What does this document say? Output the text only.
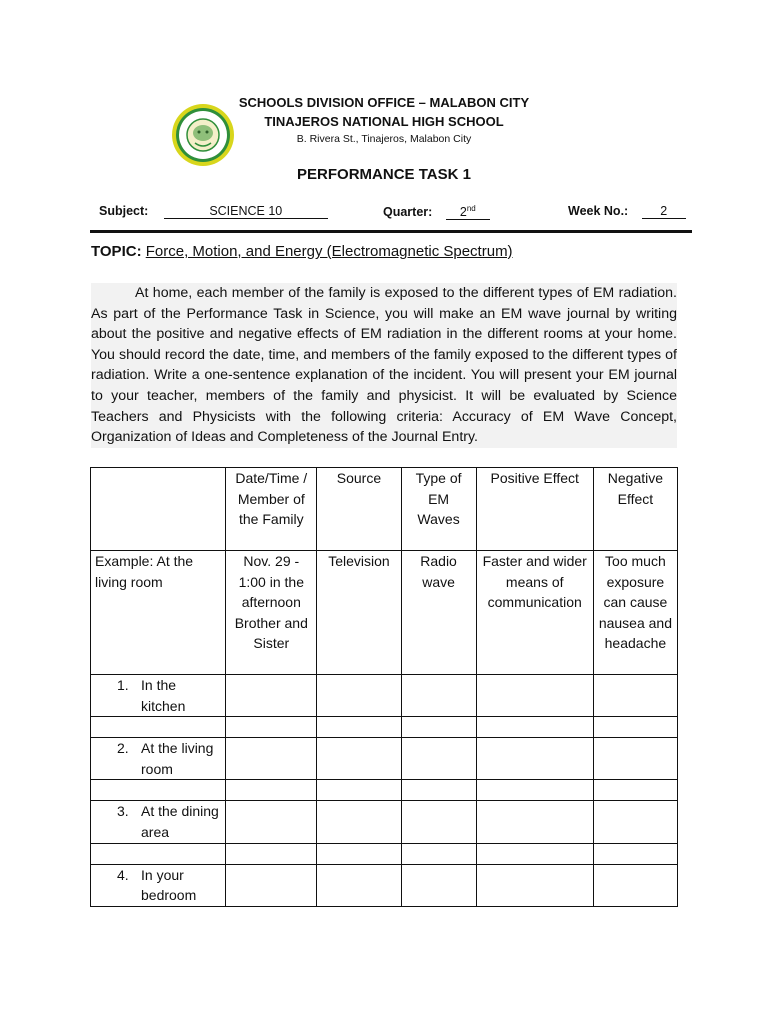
SCHOOLS DIVISION OFFICE – MALABON CITY
TINAJEROS NATIONAL HIGH SCHOOL
B. Rivera St., Tinajeros, Malabon City
PERFORMANCE TASK 1
Subject:	SCIENCE 10	Quarter: 2nd	Week No.:	2
TOPIC: Force, Motion, and Energy (Electromagnetic Spectrum)
At home, each member of the family is exposed to the different types of EM radiation. As part of the Performance Task in Science, you will make an EM wave journal by writing about the positive and negative effects of EM radiation in the different rooms at your home. You should record the date, time, and members of the family exposed to the different types of radiation. Write a one-sentence explanation of the incident. You will present your EM journal to your teacher, members of the family and physicist. It will be evaluated by Science Teachers and Physicists with the following criteria: Accuracy of EM Wave Concept, Organization of Ideas and Completeness of the Journal Entry.
	Date/Time / Member of the Family	Source	Type of EM Waves	Positive Effect	Negative Effect
Example: At the living room	Nov. 29 - 1:00 in the afternoon Brother and Sister	Television	Radio wave	Faster and wider means of communication	Too much exposure can cause nausea and headache
1. In the kitchen					

2. At the living room					

3. At the dining area					

4. In your bedroom					
